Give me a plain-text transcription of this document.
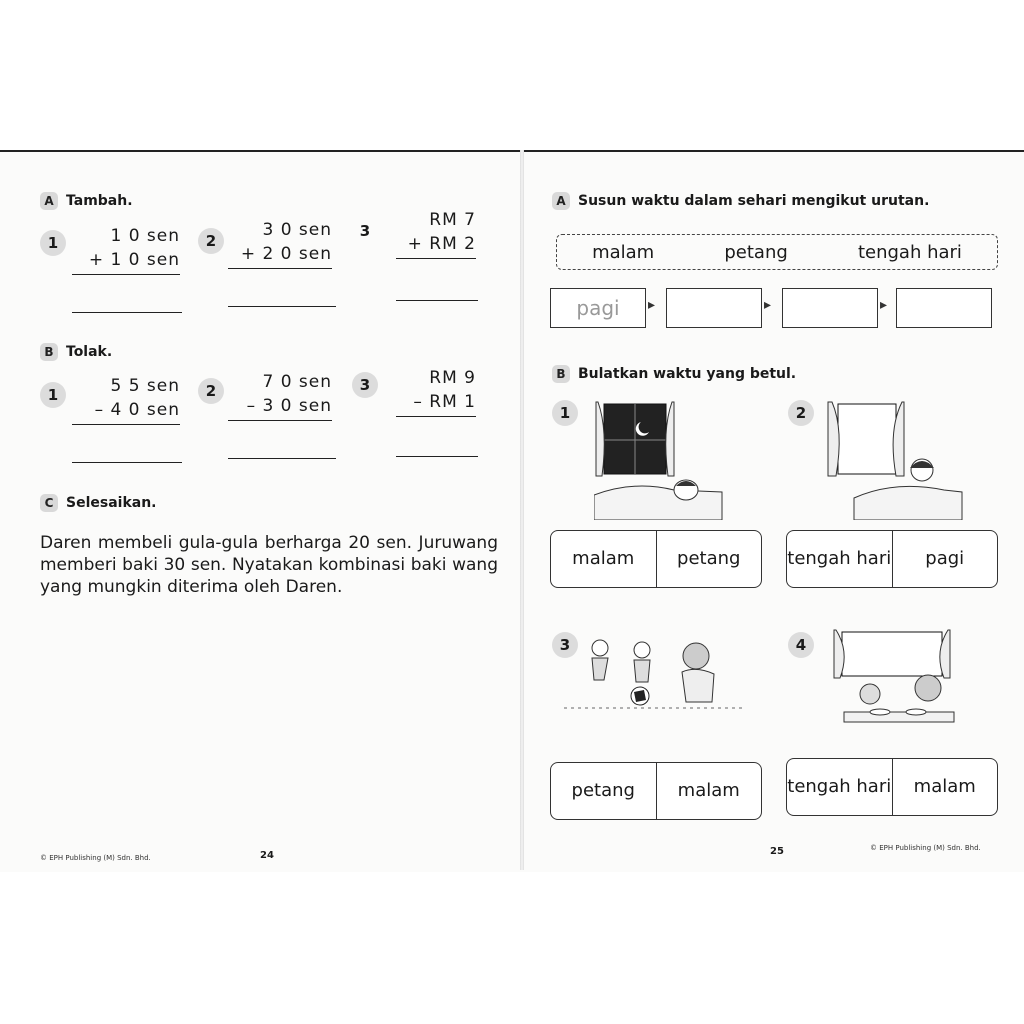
A Tambah.
1	1 0 sen
+ 1 0 sen
2
3 0 sen
+ 2 0 sen
3
RM 7
+ RM 2
B Tolak.
1	5 5 sen
– 4 0 sen
2	7 0 sen
– 3 0 sen
3	RM 9
– RM 1
C Selesaikan.
Daren membeli gula-gula berharga 20 sen. Juruwang memberi baki 30 sen. Nyatakan kombinasi baki wang yang mungkin diterima oleh Daren.
© EPH Publishing (M) Sdn. Bhd.	24
A Susun waktu dalam sehari mengikut urutan.
malam	petang	tengah hari
pagi ▸	▸	▸
B Bulatkan waktu yang betul.
1
malam	petang
2
tengah hari	pagi
3
petang	malam
4
tengah hari	malam
25	© EPH Publishing (M) Sdn. Bhd.
